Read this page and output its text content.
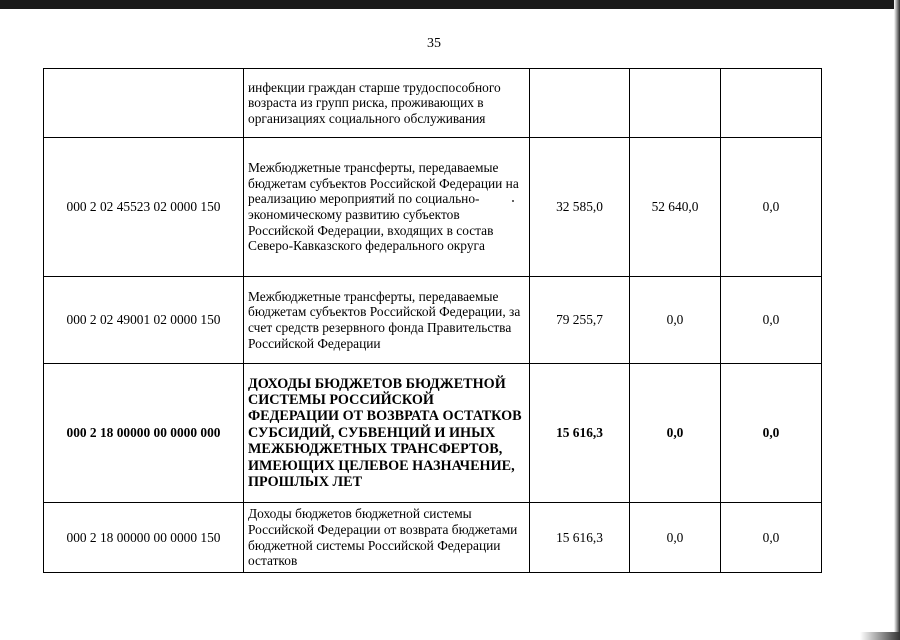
35
	инфекции граждан старше трудоспособного возраста из групп риска, проживающих в организациях социального обслуживания			
000 2 02 45523 02 0000 150	Межбюджетные трансферты, передаваемые бюджетам субъектов Российской Федерации на реализацию мероприятий по социально-экономическому развитию субъектов Российской Федерации, входящих в состав Северо-Кавказского федерального округа	32 585,0	52 640,0	0,0
000 2 02 49001 02 0000 150	Межбюджетные трансферты, передаваемые бюджетам субъектов Российской Федерации, за счет средств резервного фонда Правительства Российской Федерации	79 255,7	0,0	0,0
000 2 18 00000 00 0000 000	ДОХОДЫ БЮДЖЕТОВ БЮДЖЕТНОЙ СИСТЕМЫ РОССИЙСКОЙ ФЕДЕРАЦИИ ОТ ВОЗВРАТА ОСТАТКОВ СУБСИДИЙ, СУБВЕНЦИЙ И ИНЫХ МЕЖБЮДЖЕТНЫХ ТРАНСФЕРТОВ, ИМЕЮЩИХ ЦЕЛЕВОЕ НАЗНАЧЕНИЕ, ПРОШЛЫХ ЛЕТ	15 616,3	0,0	0,0
000 2 18 00000 00 0000 150	Доходы бюджетов бюджетной системы Российской Федерации от возврата бюджетами бюджетной системы Российской Федерации остатков	15 616,3	0,0	0,0
